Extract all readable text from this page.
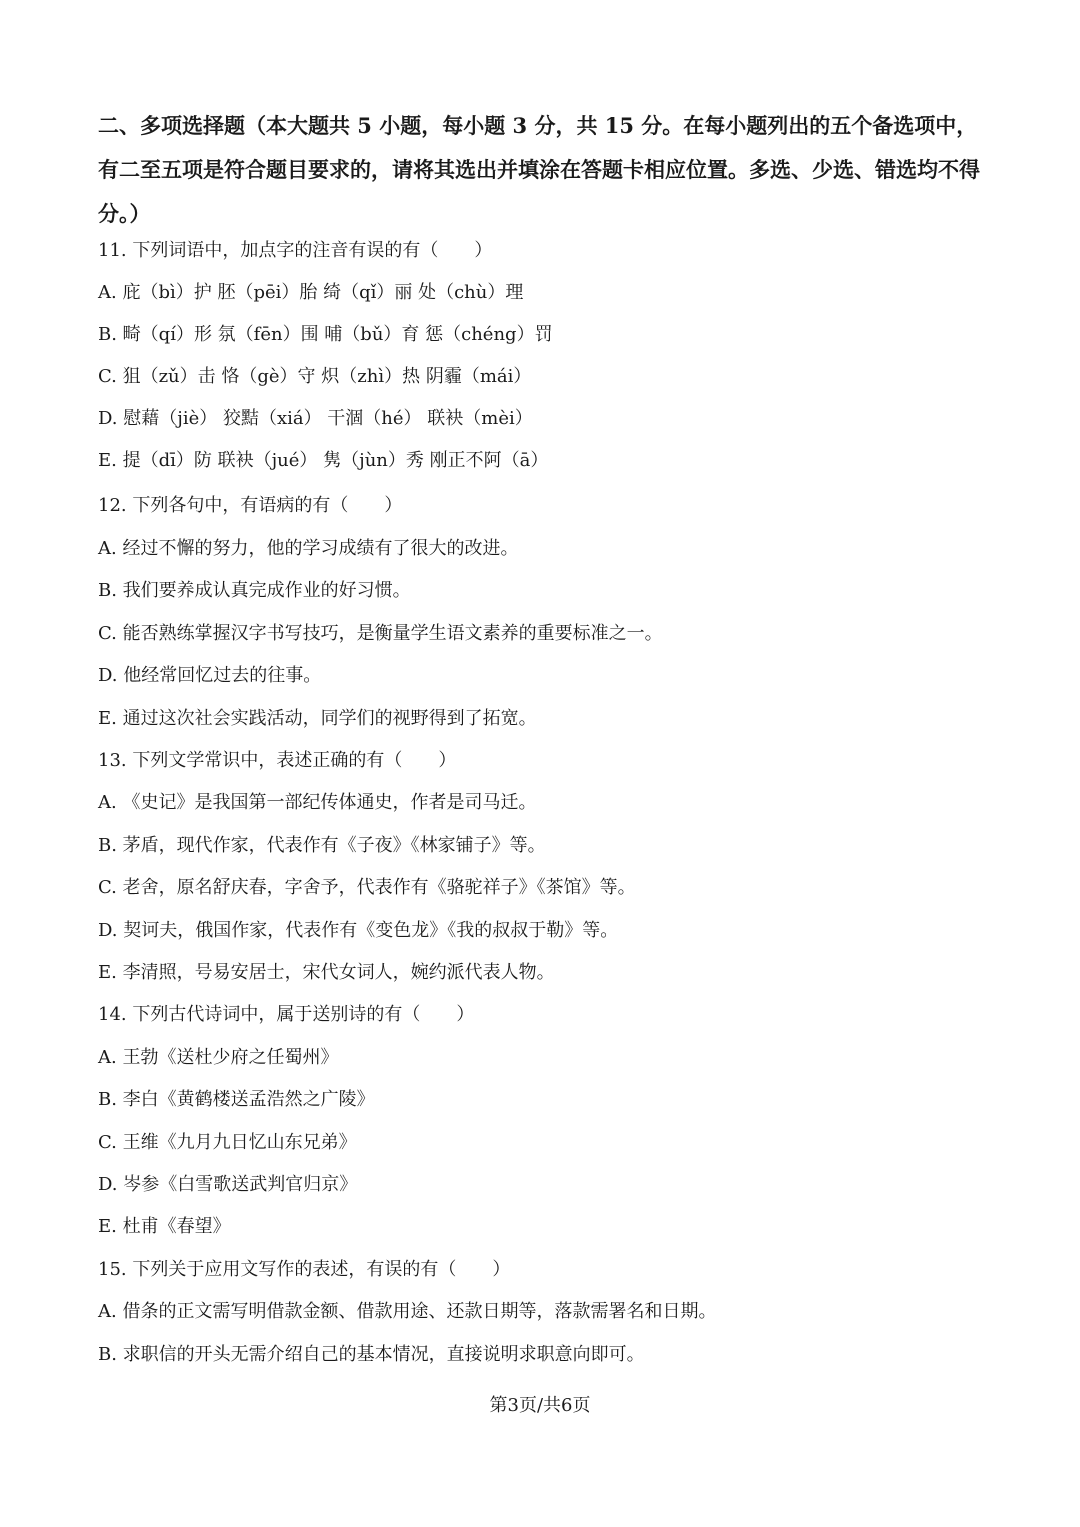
二、多项选择题（本大题共 5 小题，每小题 3 分，共 15 分。在每小题列出的五个备选项中，有二至五项是符合题目要求的，请将其选出并填涂在答题卡相应位置。多选、少选、错选均不得分。）

11. 下列词语中，加点字的注音有误的有（　　）

A. 庇（bì）护 胚（pēi）胎 绮（qǐ）丽 处（chù）理

B. 畸（qí）形 氛（fēn）围 哺（bǔ）育 惩（chéng）罚

C. 狙（zǔ）击 恪（gè）守 炽（zhì）热 阴霾（mái）

D. 慰藉（jiè） 狡黠（xiá） 干涸（hé） 联袂（mèi）

E. 提（dī）防 联袂（jué） 隽（jùn）秀 刚正不阿（ā）

12. 下列各句中，有语病的有（　　）

A. 经过不懈的努力，他的学习成绩有了很大的改进。

B. 我们要养成认真完成作业的好习惯。

C. 能否熟练掌握汉字书写技巧，是衡量学生语文素养的重要标准之一。

D. 他经常回忆过去的往事。

E. 通过这次社会实践活动，同学们的视野得到了拓宽。

13. 下列文学常识中，表述正确的有（　　）

A. 《史记》是我国第一部纪传体通史，作者是司马迁。

B. 茅盾，现代作家，代表作有《子夜》《林家铺子》等。

C. 老舍，原名舒庆春，字舍予，代表作有《骆驼祥子》《茶馆》等。

D. 契诃夫，俄国作家，代表作有《变色龙》《我的叔叔于勒》等。

E. 李清照，号易安居士，宋代女词人，婉约派代表人物。

14. 下列古代诗词中，属于送别诗的有（　　）

A. 王勃《送杜少府之任蜀州》

B. 李白《黄鹤楼送孟浩然之广陵》

C. 王维《九月九日忆山东兄弟》

D. 岑参《白雪歌送武判官归京》

E. 杜甫《春望》

15. 下列关于应用文写作的表述，有误的有（　　）

A. 借条的正文需写明借款金额、借款用途、还款日期等，落款需署名和日期。

B. 求职信的开头无需介绍自己的基本情况，直接说明求职意向即可。

第3页/共6页
